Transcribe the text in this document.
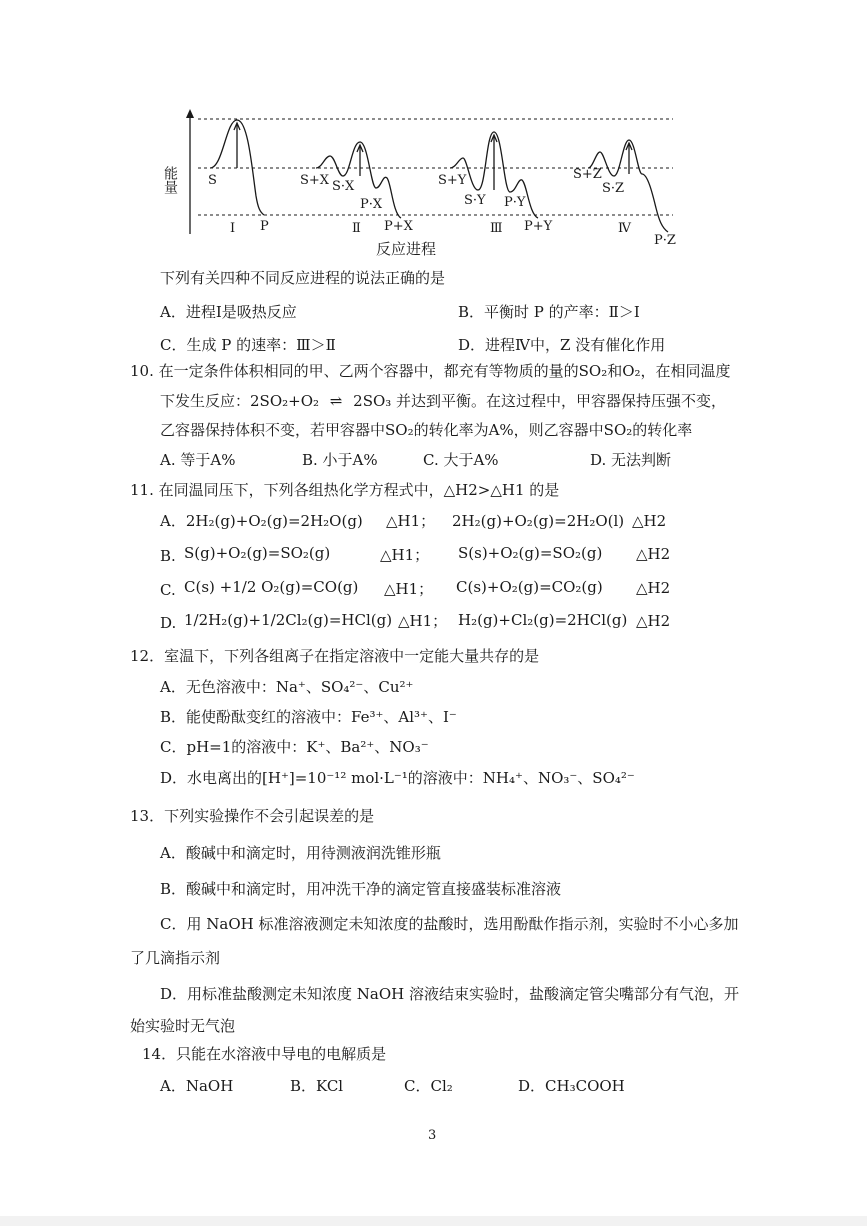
能量 S
Ⅰ P
S+X S·X
P·X
Ⅱ P+X
S+Y
S·Y P·Y
Ⅲ P+Y
S+Z
S·Z
Ⅳ
P·Z
反应进程
下列有关四种不同反应进程的说法正确的是
A．进程Ⅰ是吸热反应	B．平衡时 P 的产率：Ⅱ＞Ⅰ
C．生成 P 的速率：Ⅲ＞Ⅱ	D．进程Ⅳ中，Z 没有催化作用
10. 在一定条件体积相同的甲、乙两个容器中，都充有等物质的量的SO₂和O₂，在相同温度
下发生反应：2SO₂+O₂ ⇌ 2SO₃ 并达到平衡。在这过程中，甲容器保持压强不变，
乙容器保持体积不变，若甲容器中SO₂的转化率为A%，则乙容器中SO₂的转化率
A. 等于A%	B. 小于A%	C. 大于A%	D. 无法判断
11. 在同温同压下，下列各组热化学方程式中，△H2>△H1 的是
A．2H₂(g)+O₂(g)=2H₂O(g) △H1； 2H₂(g)+O₂(g)=2H₂O(l) △H2
B. S(g)+O₂(g)=SO₂(g)	△H1； S(s)+O₂(g)=SO₂(g) △H2
C. C(s) +1/2 O₂(g)=CO(g) △H1； C(s)+O₂(g)=CO₂(g) △H2
D. 1/2H₂(g)+1/2Cl₂(g)=HCl(g) △H1； H₂(g)+Cl₂(g)=2HCl(g) △H2
12．室温下，下列各组离子在指定溶液中一定能大量共存的是
A．无色溶液中：Na⁺、SO₄²⁻、Cu²⁺
B．能使酚酞变红的溶液中：Fe³⁺、Al³⁺、I⁻
C．pH=1的溶液中：K⁺、Ba²⁺、NO₃⁻
D．水电离出的[H⁺]=10⁻¹² mol·L⁻¹的溶液中：NH₄⁺、NO₃⁻、SO₄²⁻
13．下列实验操作不会引起误差的是
A．酸碱中和滴定时，用待测液润洗锥形瓶
B．酸碱中和滴定时，用冲洗干净的滴定管直接盛装标准溶液
C．用 NaOH 标准溶液测定未知浓度的盐酸时，选用酚酞作指示剂，实验时不小心多加
了几滴指示剂
D．用标准盐酸测定未知浓度 NaOH 溶液结束实验时，盐酸滴定管尖嘴部分有气泡，开
始实验时无气泡
14．只能在水溶液中导电的电解质是
A．NaOH	B．KCl	C．Cl₂	D．CH₃COOH
3
